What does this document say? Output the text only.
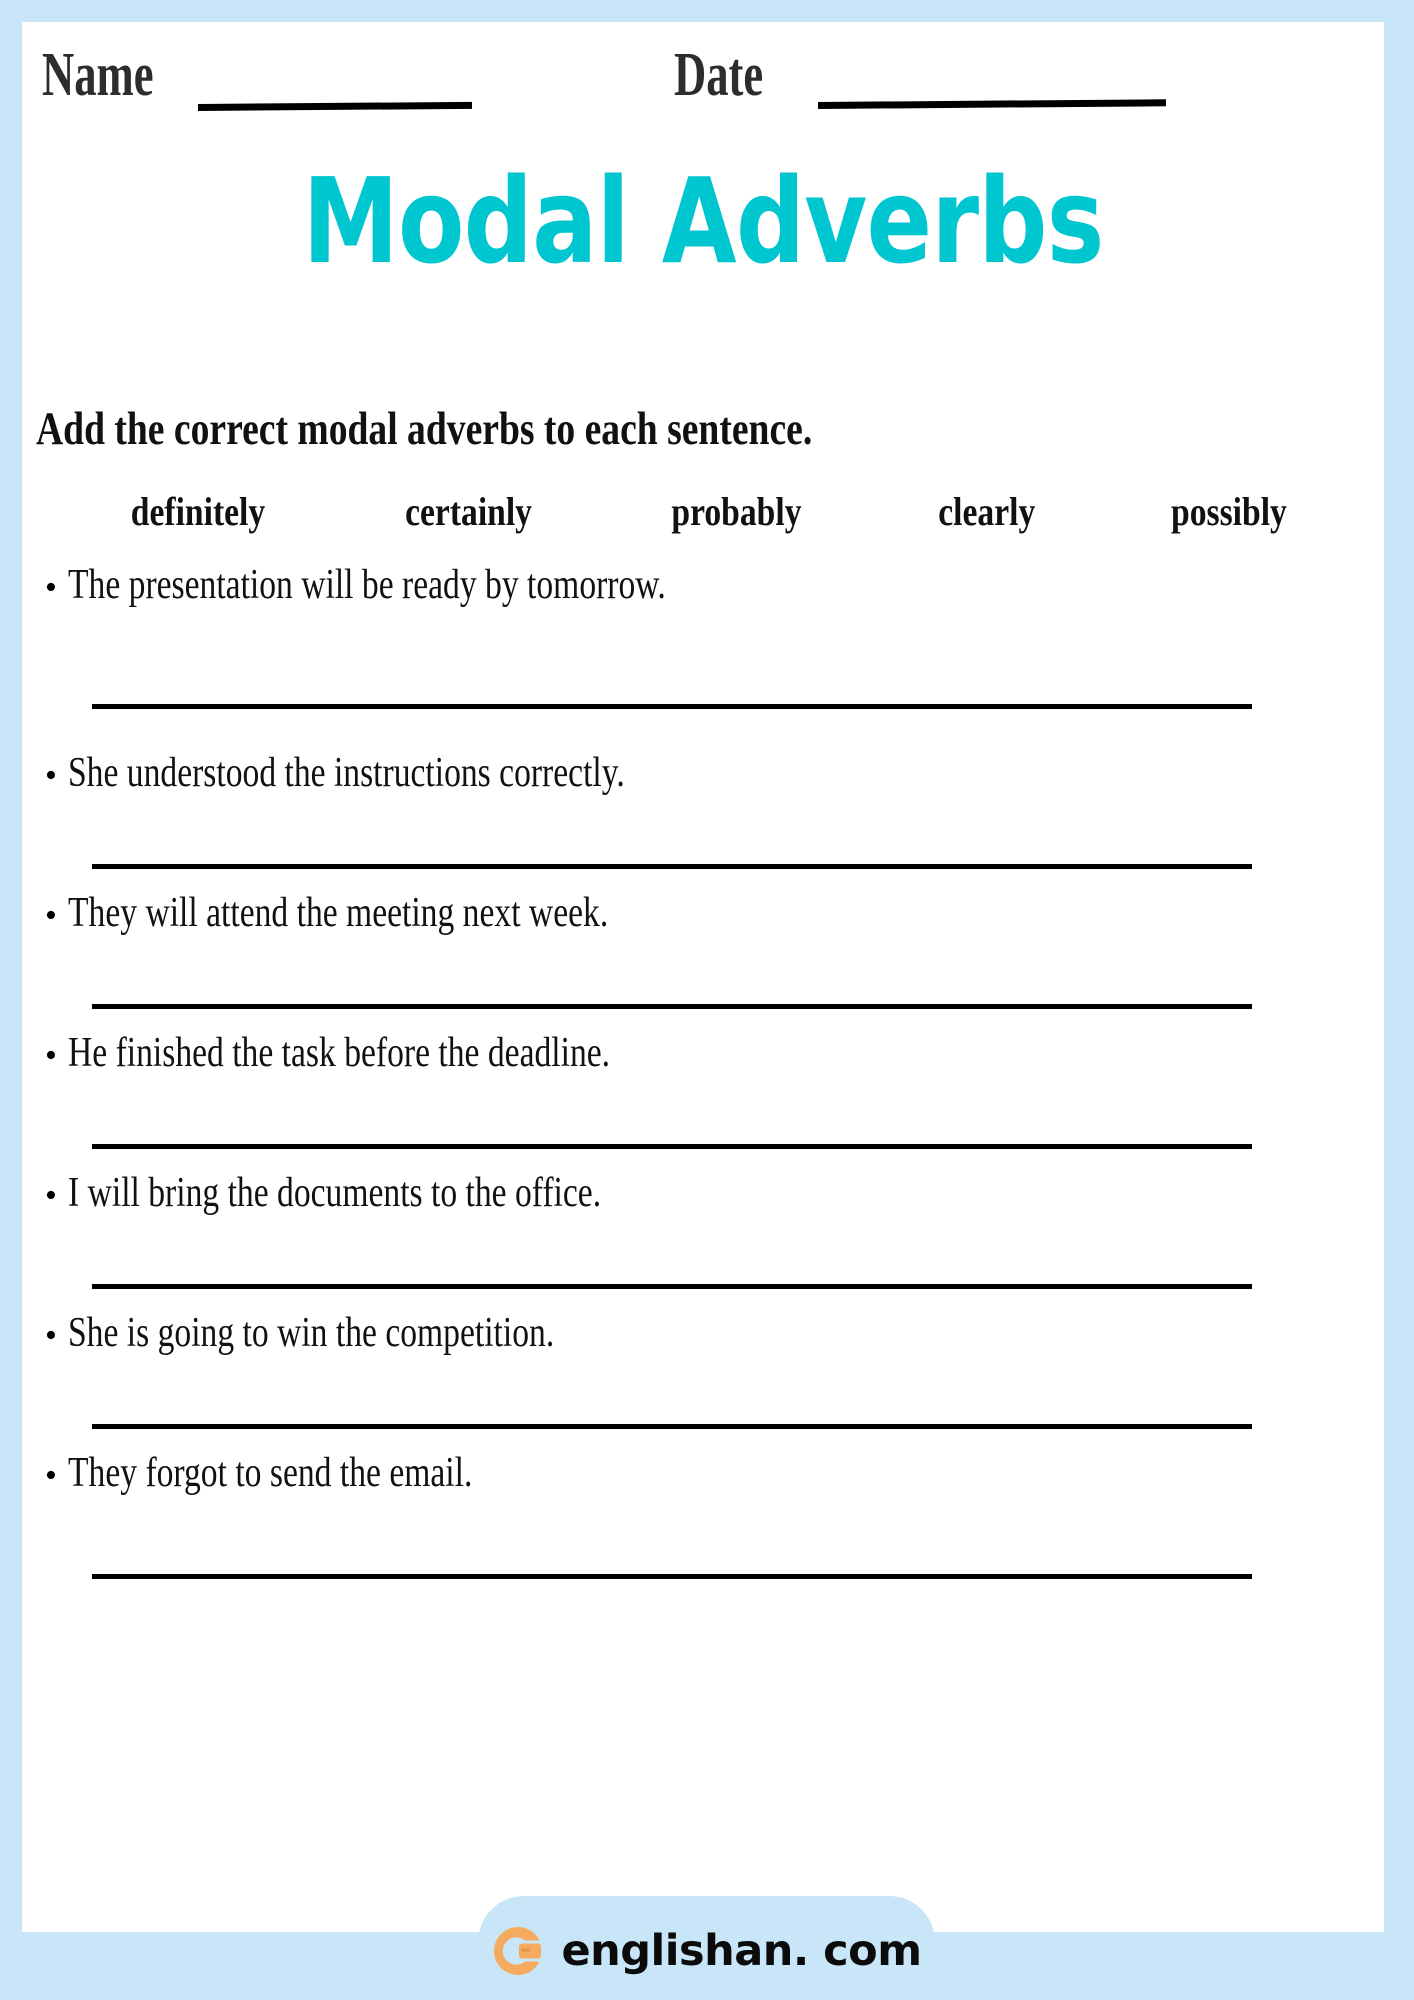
Name	Date
Modal Adverbs
Add the correct modal adverbs to each sentence.
definitely	certainly	probably	clearly	possibly
• The presentation will be ready by tomorrow.
• She understood the instructions correctly.
• They will attend the meeting next week.
• He finished the task before the deadline.
• I will bring the documents to the office.
• She is going to win the competition.
• They forgot to send the email.
englishan. com
